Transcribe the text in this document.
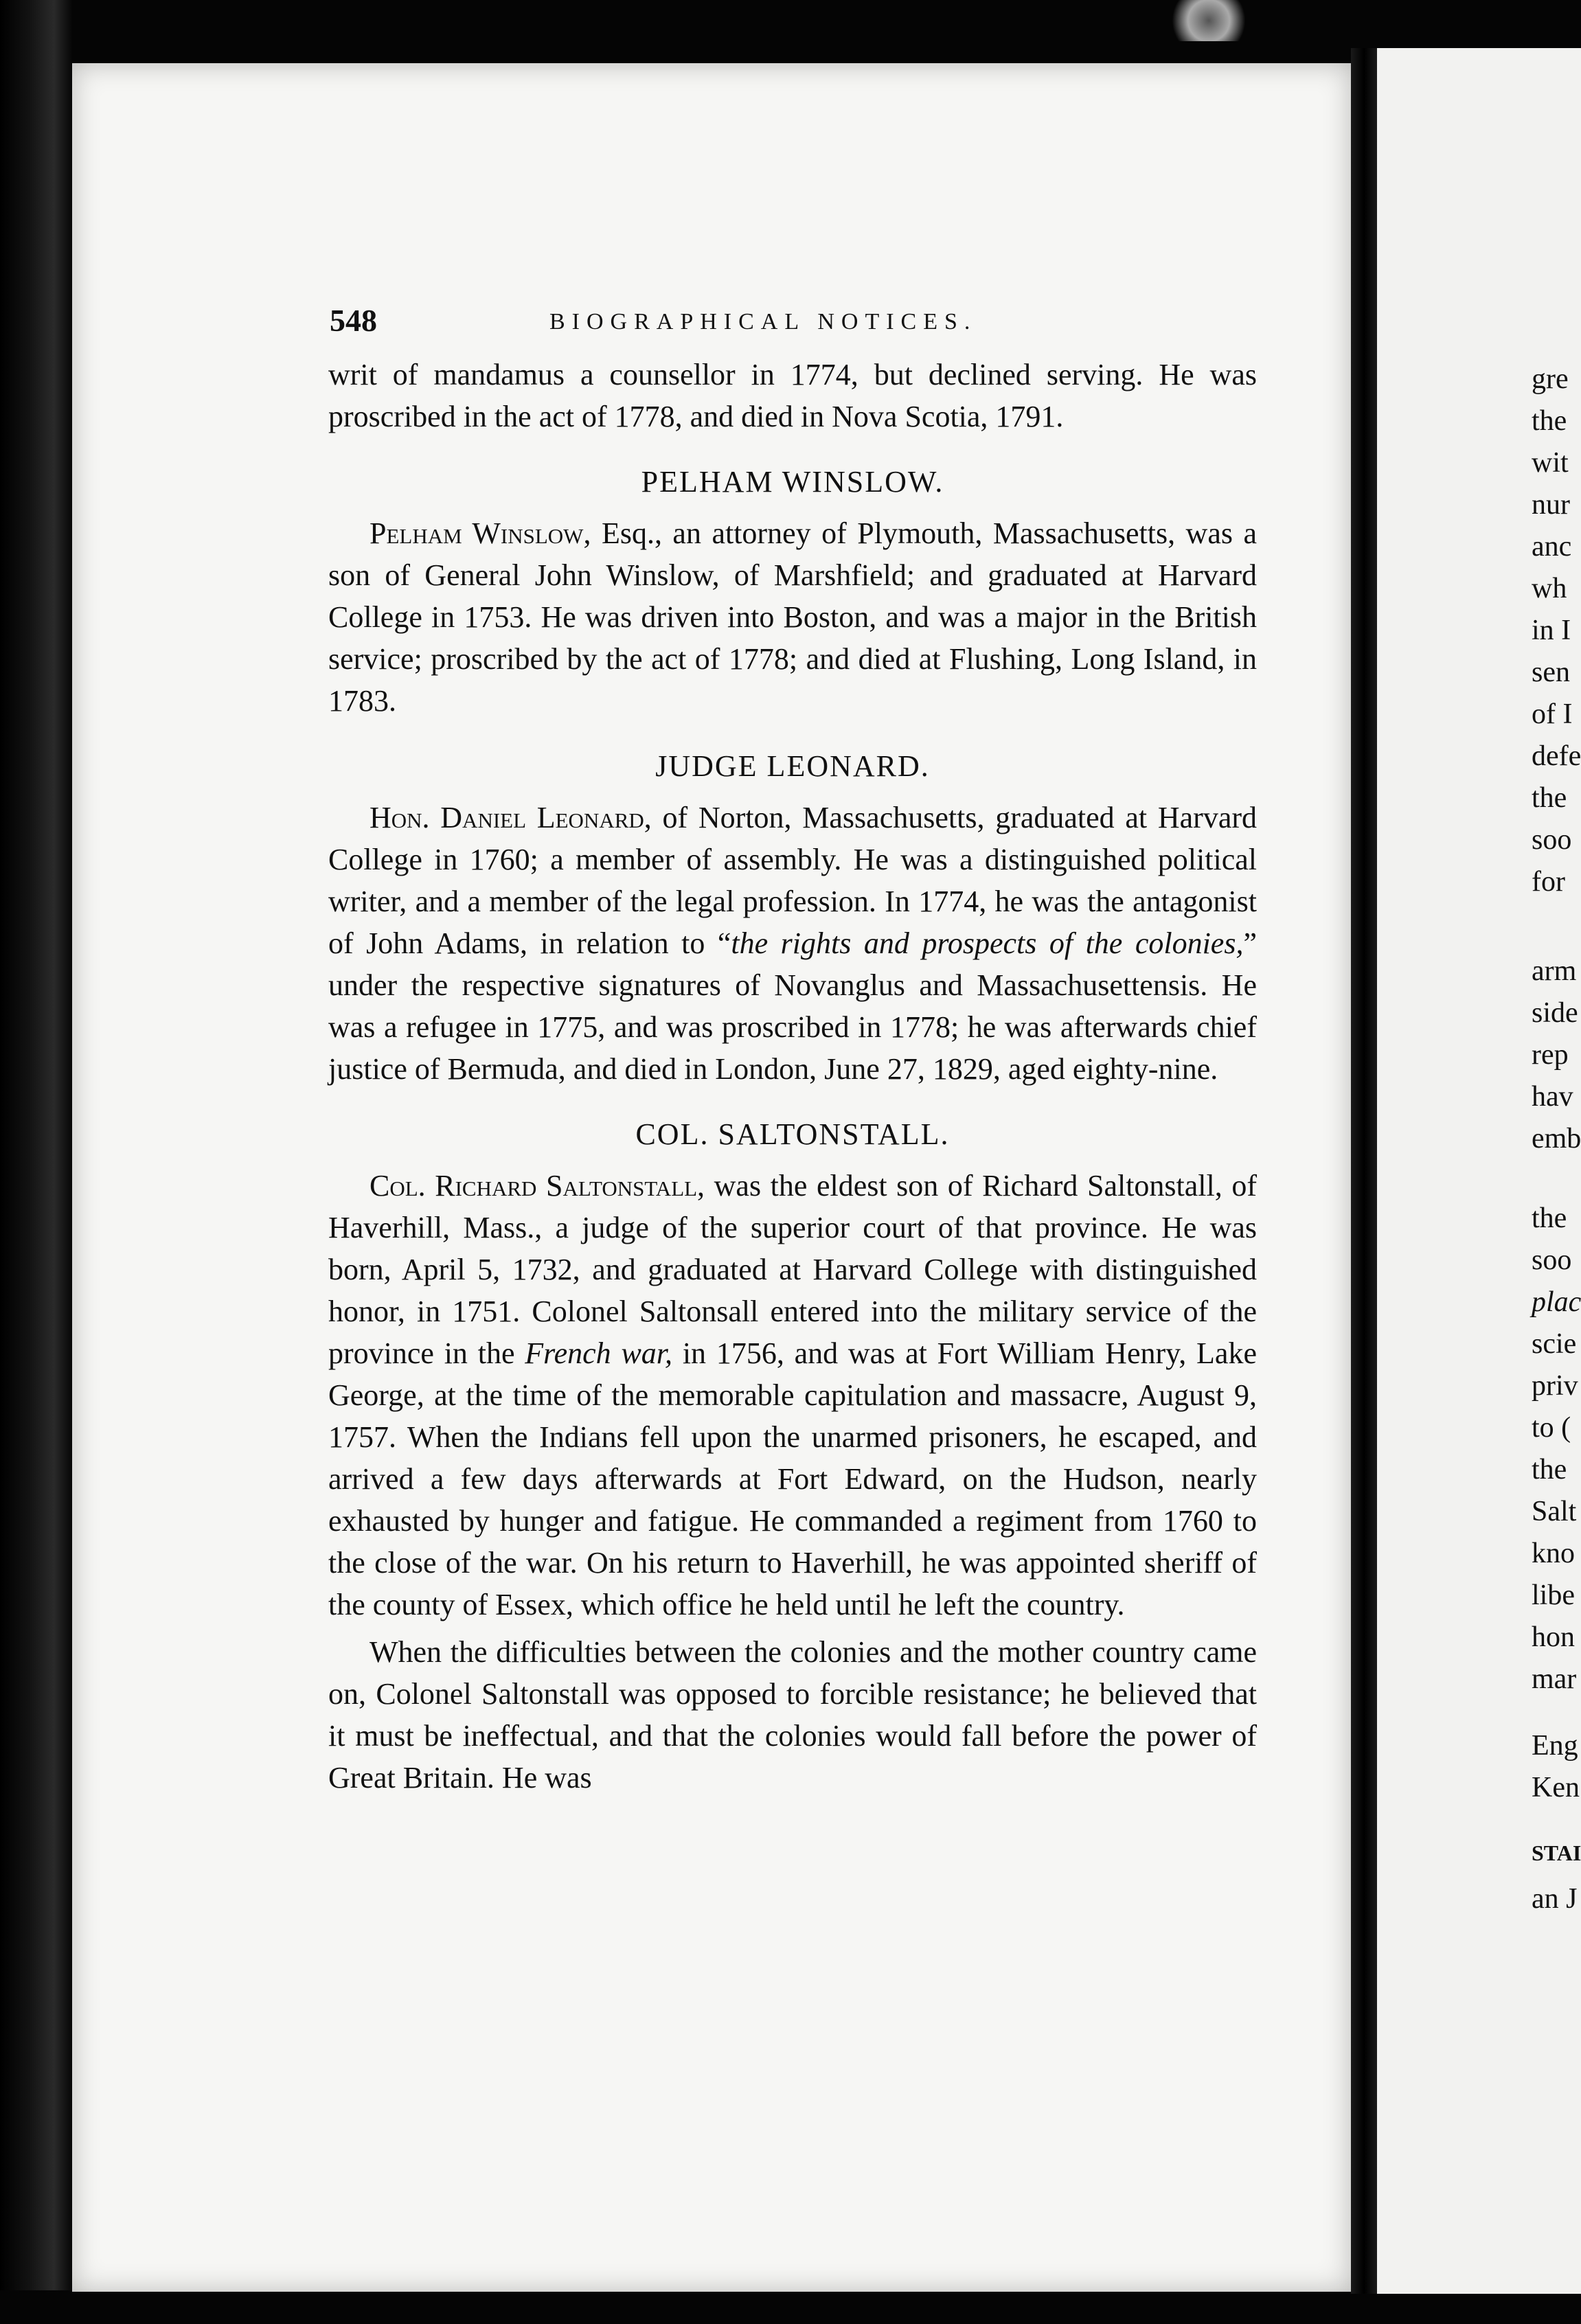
gre
the
wit
nur
anc
wh
in I
sen
of I
defe
the
soo
for
arm
side
rep
hav
emb
the
soo
plac
scie
priv
to (
the
Salt
kno
libe
hon
mar
Eng
Ken
STAI
an J
548	BIOGRAPHICAL NOTICES.

writ of mandamus a counsellor in 1774, but declined serving. He was proscribed in the act of 1778, and died in Nova Scotia, 1791.

PELHAM WINSLOW.

Pelham Winslow, Esq., an attorney of Plymouth, Massachusetts, was a son of General John Winslow, of Marshfield; and graduated at Harvard College in 1753. He was driven into Boston, and was a major in the British service; proscribed by the act of 1778; and died at Flushing, Long Island, in 1783.

JUDGE LEONARD.

Hon. Daniel Leonard, of Norton, Massachusetts, graduated at Harvard College in 1760; a member of assembly. He was a distinguished political writer, and a member of the legal profession. In 1774, he was the antagonist of John Adams, in relation to “the rights and prospects of the colonies,” under the respective signatures of Novanglus and Massachusettensis. He was a refugee in 1775, and was proscribed in 1778; he was afterwards chief justice of Bermuda, and died in London, June 27, 1829, aged eighty-nine.

COL. SALTONSTALL.

Col. Richard Saltonstall, was the eldest son of Richard Saltonstall, of Haverhill, Mass., a judge of the superior court of that province. He was born, April 5, 1732, and graduated at Harvard College with distinguished honor, in 1751. Colonel Saltonsall entered into the military service of the province in the French war, in 1756, and was at Fort William Henry, Lake George, at the time of the memorable capitulation and massacre, August 9, 1757. When the Indians fell upon the unarmed prisoners, he escaped, and arrived a few days afterwards at Fort Edward, on the Hudson, nearly exhausted by hunger and fatigue. He commanded a regiment from 1760 to the close of the war. On his return to Haverhill, he was appointed sheriff of the county of Essex, which office he held until he left the country.

When the difficulties between the colonies and the mother country came on, Colonel Saltonstall was opposed to forcible resistance; he believed that it must be ineffectual, and that the colonies would fall before the power of Great Britain. He was
